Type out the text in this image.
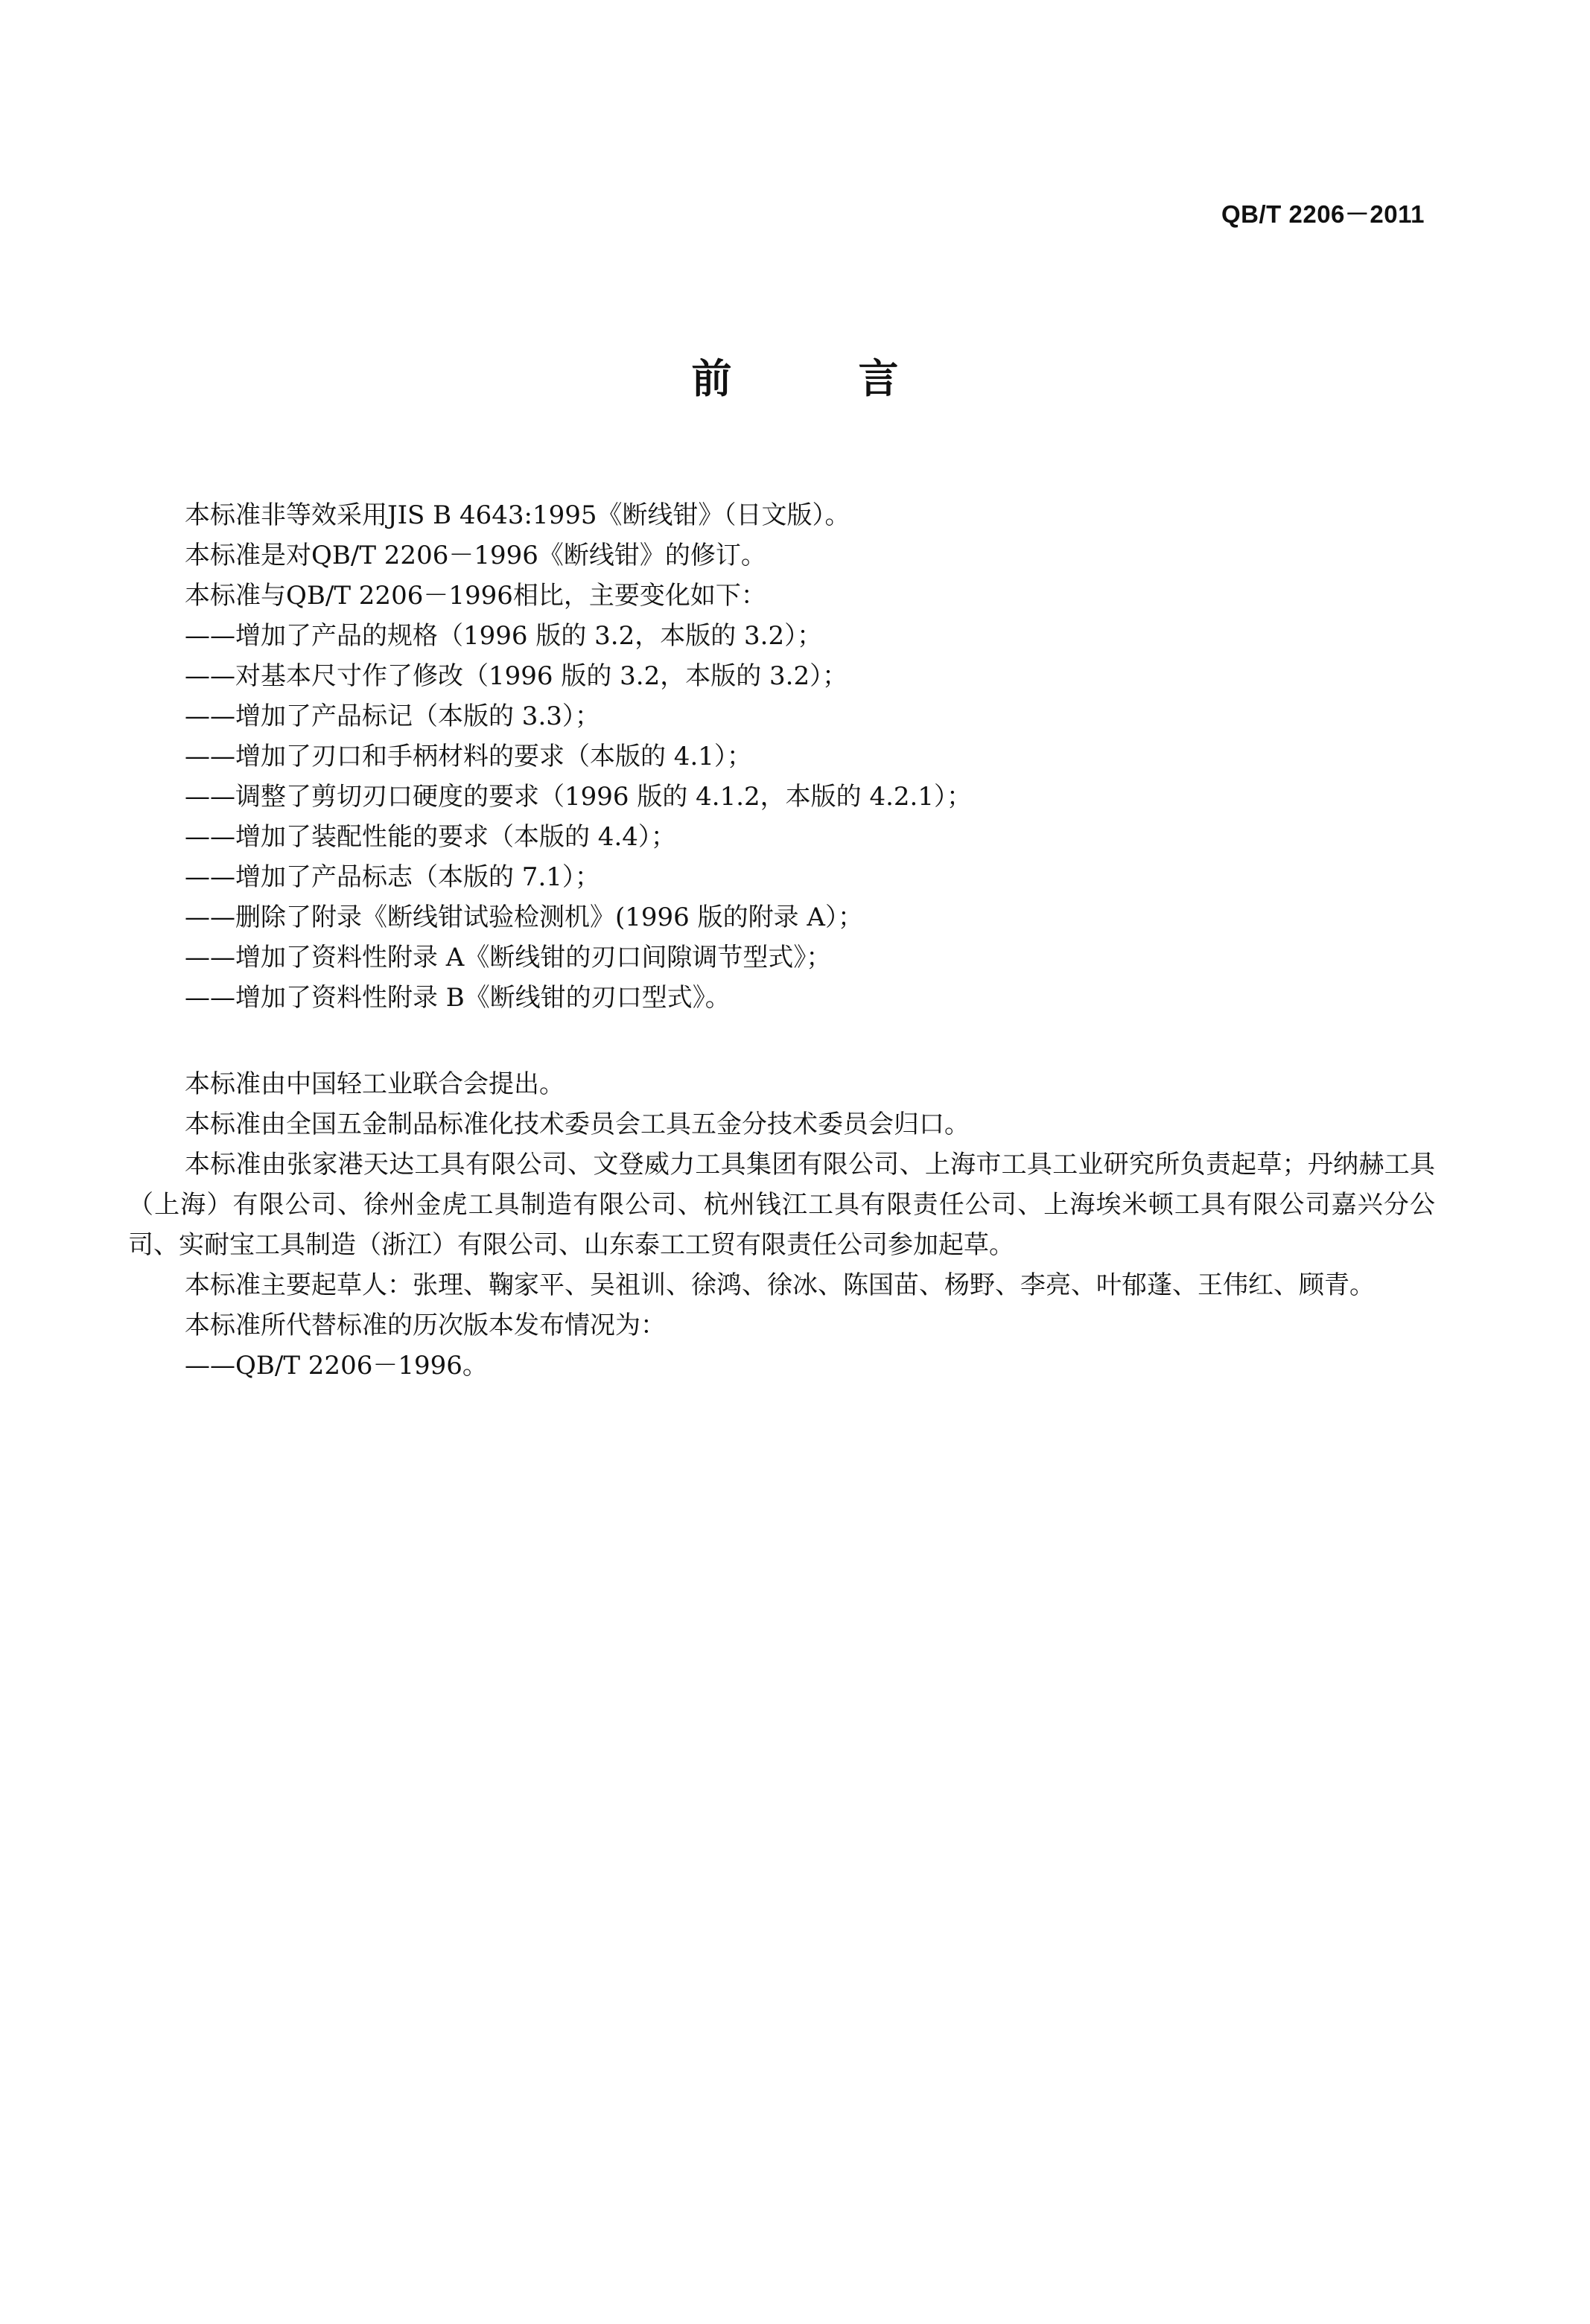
QB/T 2206－2011
前　言

本标准非等效采用JIS B 4643:1995《断线钳》（日文版）。

本标准是对QB/T 2206－1996《断线钳》的修订。

本标准与QB/T 2206－1996相比，主要变化如下：

——增加了产品的规格（1996 版的 3.2，本版的 3.2）；

——对基本尺寸作了修改（1996 版的 3.2，本版的 3.2）；

——增加了产品标记（本版的 3.3）；

——增加了刃口和手柄材料的要求（本版的 4.1）；

——调整了剪切刃口硬度的要求（1996 版的 4.1.2，本版的 4.2.1）；

——增加了装配性能的要求（本版的 4.4）；

——增加了产品标志（本版的 7.1）；

——删除了附录《断线钳试验检测机》(1996 版的附录 A）；

——增加了资料性附录 A《断线钳的刃口间隙调节型式》；

——增加了资料性附录 B《断线钳的刃口型式》。

本标准由中国轻工业联合会提出。

本标准由全国五金制品标准化技术委员会工具五金分技术委员会归口。

本标准由张家港天达工具有限公司、文登威力工具集团有限公司、上海市工具工业研究所负责起草；丹纳赫工具（上海）有限公司、徐州金虎工具制造有限公司、杭州钱江工具有限责任公司、上海埃米顿工具有限公司嘉兴分公司、实耐宝工具制造（浙江）有限公司、山东泰工工贸有限责任公司参加起草。

本标准主要起草人：张理、鞠家平、吴祖训、徐鸿、徐冰、陈国苗、杨野、李亮、叶郁蓬、王伟红、顾青。

本标准所代替标准的历次版本发布情况为：

——QB/T 2206－1996。
